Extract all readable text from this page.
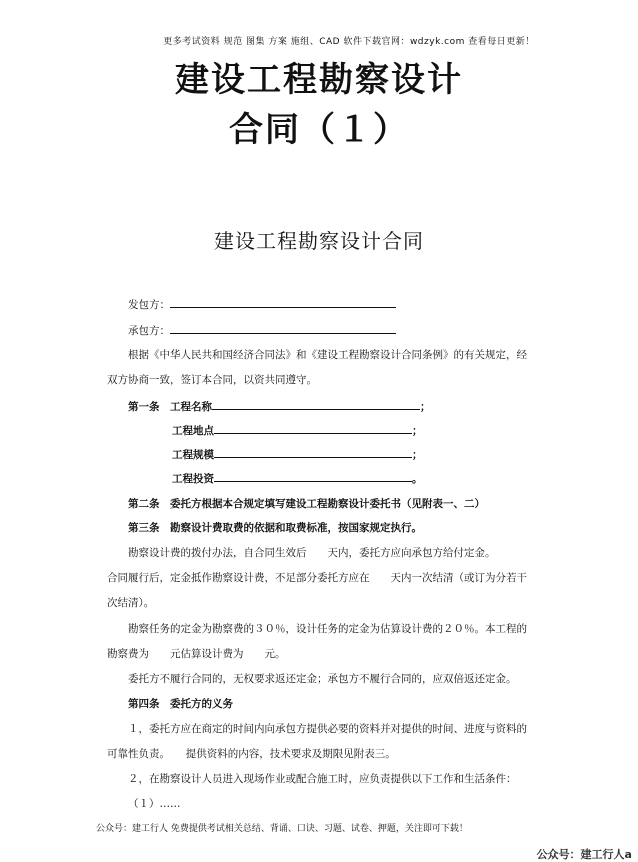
更多考试资料 规范 图集 方案 施组、CAD 软件下载官网：wdzyk.com 查看每日更新！
建设工程勘察设计
合同（１）
建设工程勘察设计合同
发包方：
承包方：
根据《中华人民共和国经济合同法》和《建设工程勘察设计合同条例》的有关规定，经
双方协商一致，签订本合同，以资共同遵守。
第一条　工程名称	；
工程地点	；
工程规模	；
工程投资	。
第二条　委托方根据本合规定填写建设工程勘察设计委托书（见附表一、二）
第三条　勘察设计费取费的依据和取费标准，按国家规定执行。
勘察设计费的拨付办法，自合同生效后　　天内，委托方应向承包方给付定金。
合同履行后，定金抵作勘察设计费，不足部分委托方应在　　天内一次结清（或订为分若干
次结清）。
勘察任务的定金为勘察费的３０％，设计任务的定金为估算设计费的２０％。本工程的
勘察费为　　元估算设计费为　　元。
委托方不履行合同的，无权要求返还定金；承包方不履行合同的，应双倍返还定金。
第四条　委托方的义务
１，委托方应在商定的时间内向承包方提供必要的资料并对提供的时间、进度与资料的
可靠性负责。　　提供资料的内容，技术要求及期限见附表三。
２，在勘察设计人员进入现场作业或配合施工时，应负责提供以下工作和生活条件：
（１）……
公众号：建工行人 免费提供考试相关总结、背诵、口诀、习题、试卷、押题，关注即可下载！
公众号：建工行人a
